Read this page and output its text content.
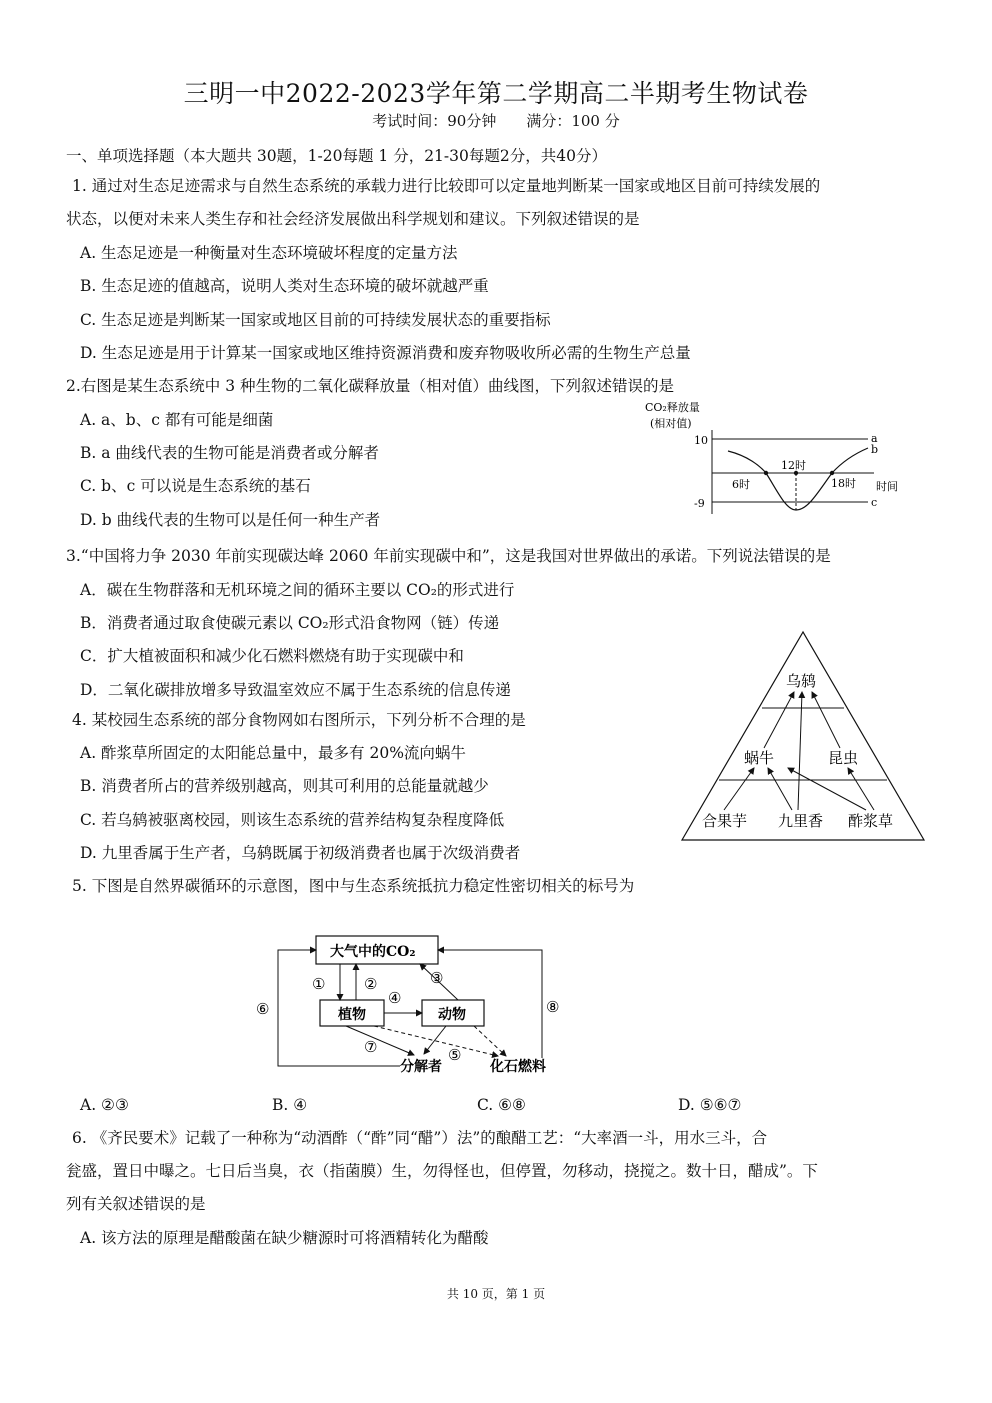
三明一中2022-2023学年第二学期高二半期考生物试卷
考试时间：90分钟　　满分：100 分
一、单项选择题（本大题共 30题，1-20每题 1 分，21-30每题2分，共40分）
1. 通过对生态足迹需求与自然生态系统的承载力进行比较即可以定量地判断某一国家或地区目前可持续发展的
状态，以便对未来人类生存和社会经济发展做出科学规划和建议。下列叙述错误的是
A. 生态足迹是一种衡量对生态环境破坏程度的定量方法
B. 生态足迹的值越高，说明人类对生态环境的破坏就越严重
C. 生态足迹是判断某一国家或地区目前的可持续发展状态的重要指标
D. 生态足迹是用于计算某一国家或地区维持资源消费和废弃物吸收所必需的生物生产总量
2.右图是某生态系统中 3 种生物的二氧化碳释放量（相对值）曲线图，下列叙述错误的是
A. a、b、c 都有可能是细菌
B. a 曲线代表的生物可能是消费者或分解者
C. b、c 可以说是生态系统的基石
D. b 曲线代表的生物可以是任何一种生产者
CO₂释放量
(相对值)
时间
10
-9
a
c
b
6时
12时
18时
3.“中国将力争 2030 年前实现碳达峰 2060 年前实现碳中和”，这是我国对世界做出的承诺。下列说法错误的是
A．碳在生物群落和无机环境之间的循环主要以 CO₂的形式进行
B．消费者通过取食使碳元素以 CO₂形式沿食物网（链）传递
C．扩大植被面积和减少化石燃料燃烧有助于实现碳中和
D．二氧化碳排放增多导致温室效应不属于生态系统的信息传递	乌鸫
蜗牛	昆虫
合果芋 九里香 酢浆草
4. 某校园生态系统的部分食物网如右图所示，下列分析不合理的是
A. 酢浆草所固定的太阳能总量中，最多有 20%流向蜗牛
B. 消费者所占的营养级别越高，则其可利用的总能量就越少
C. 若乌鸫被驱离校园，则该生态系统的营养结构复杂程度降低
D. 九里香属于生产者，乌鸫既属于初级消费者也属于次级消费者
5. 下图是自然界碳循环的示意图，图中与生态系统抵抗力稳定性密切相关的标号为
大气中的CO₂
植物	动物
分解者	化石燃料
①	②	③
④
⑤
⑥
⑦
⑧
A. ②③	B. ④	C. ⑥⑧	D. ⑤⑥⑦
6. 《齐民要术》记载了一种称为“动酒酢（“酢”同“醋”）法”的酿醋工艺：“大率酒一斗，用水三斗，合
瓮盛，置日中曝之。七日后当臭，衣（指菌膜）生，勿得怪也，但停置，勿移动，挠搅之。数十日，醋成”。下
列有关叙述错误的是
A. 该方法的原理是醋酸菌在缺少糖源时可将酒精转化为醋酸
共 10 页，第 1 页
